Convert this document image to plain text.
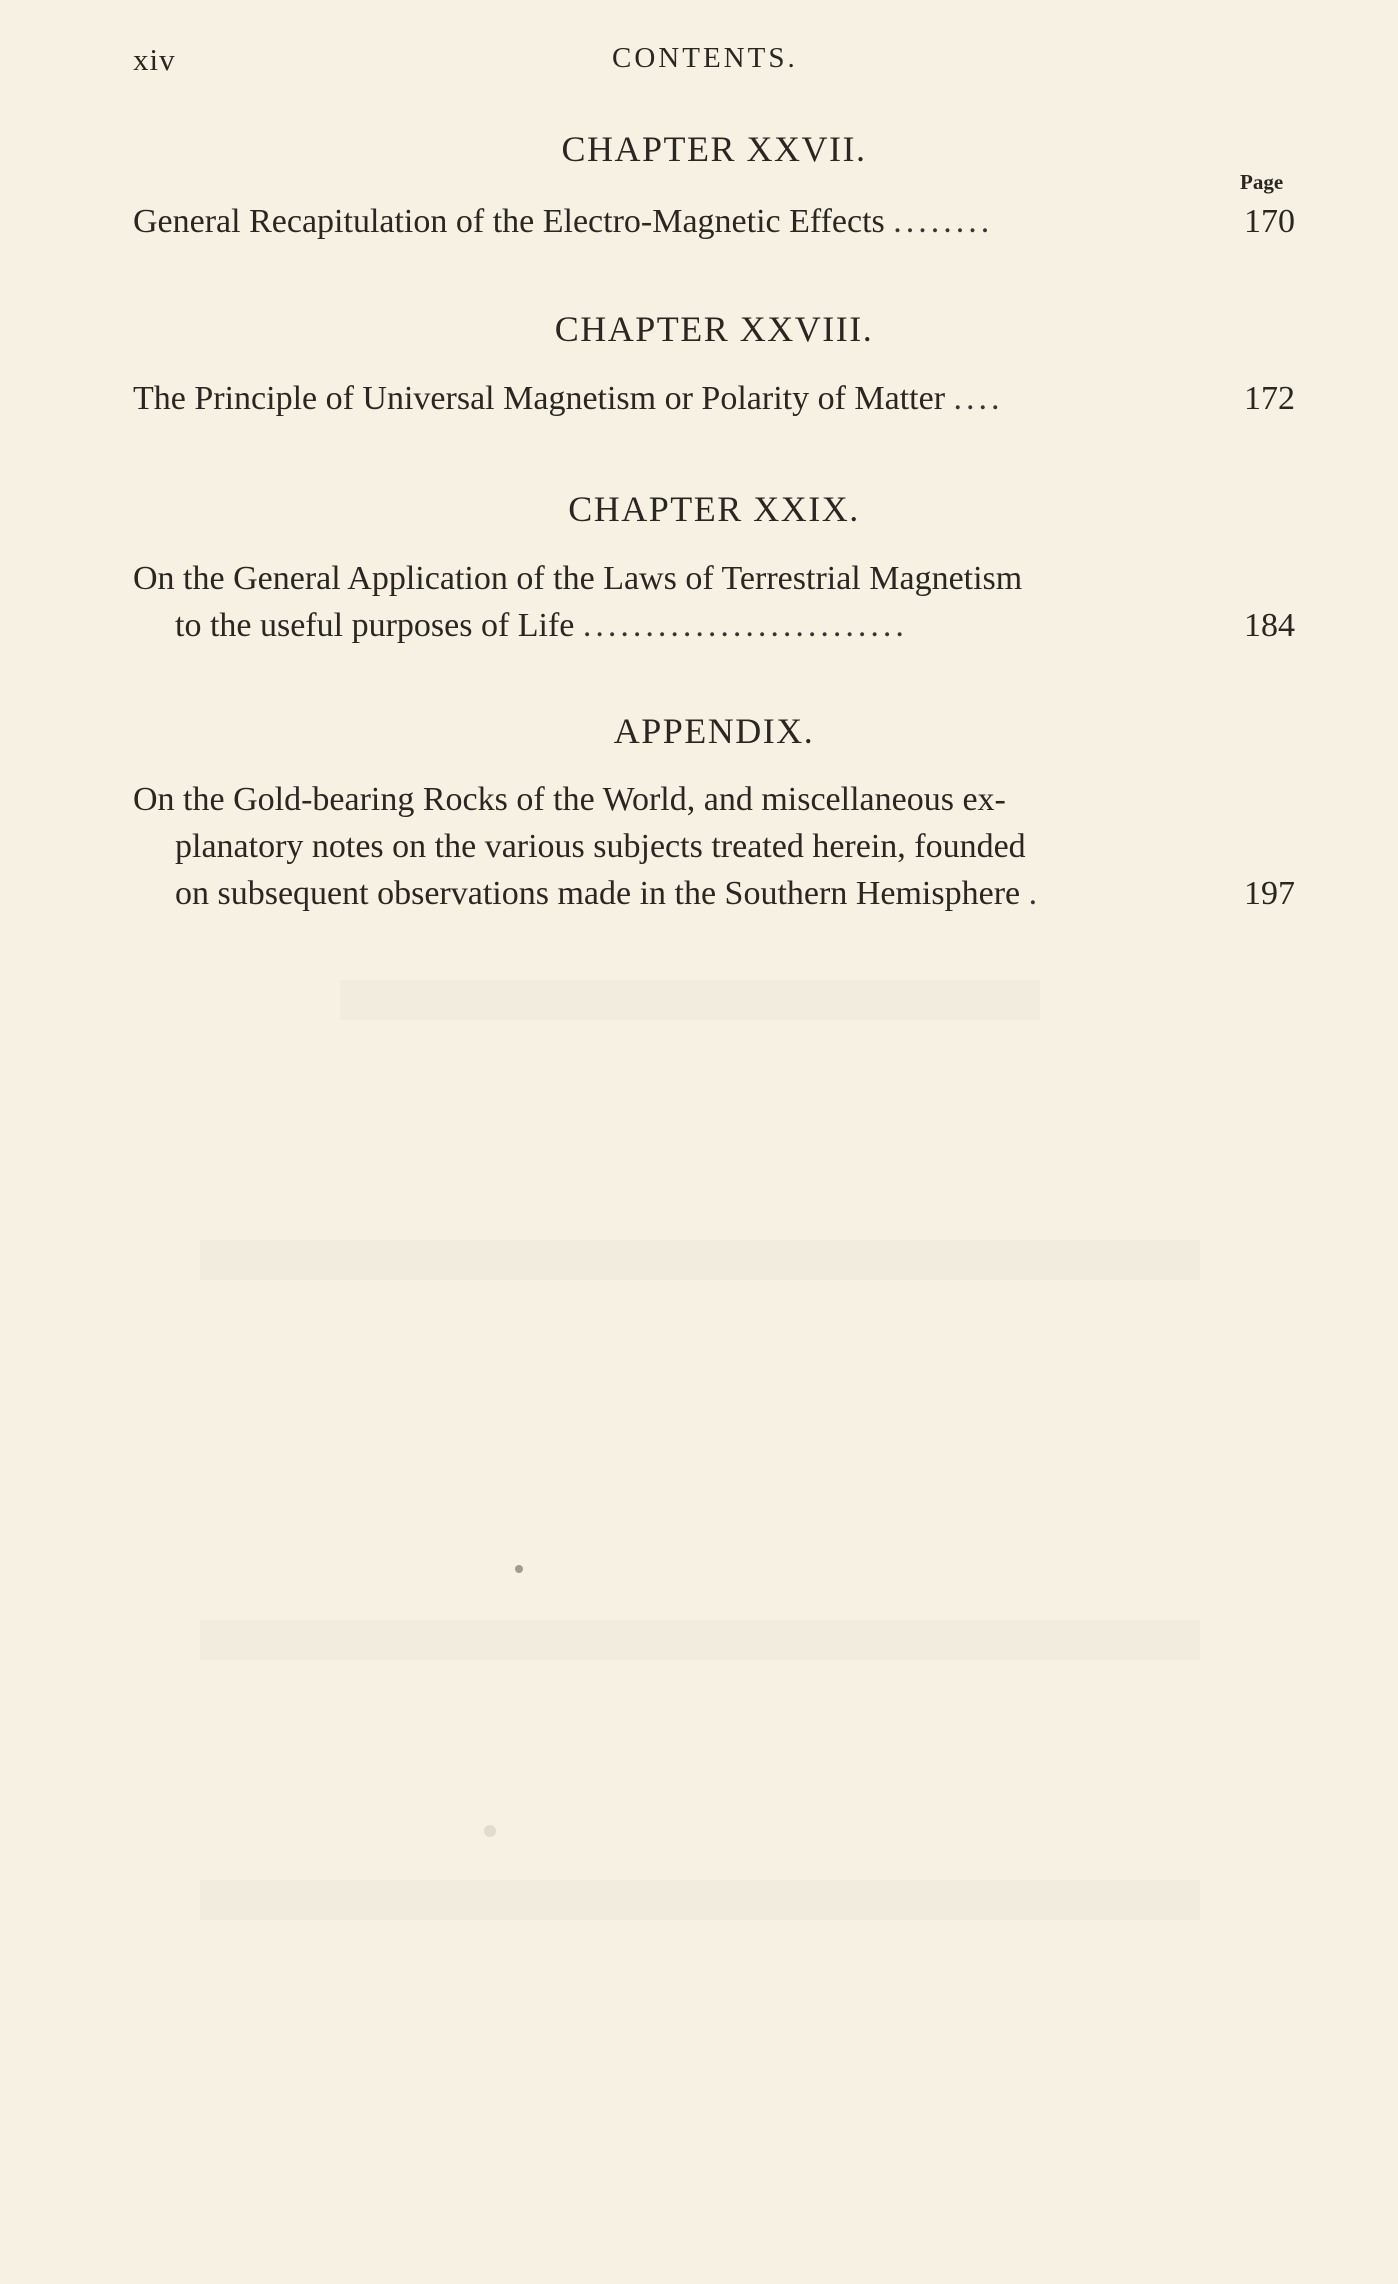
xiv	CONTENTS.
CHAPTER XXVII.
Page
General Recapitulation of the Electro-Magnetic Effects ........	170
CHAPTER XXVIII.
The Principle of Universal Magnetism or Polarity of Matter ....	172
CHAPTER XXIX.
On the General Application of the Laws of Terrestrial Magnetism
to the useful purposes of Life ..........................	184
APPENDIX.
On the Gold-bearing Rocks of the World, and miscellaneous ex-
planatory notes on the various subjects treated herein, founded
on subsequent observations made in the Southern Hemisphere .	197
